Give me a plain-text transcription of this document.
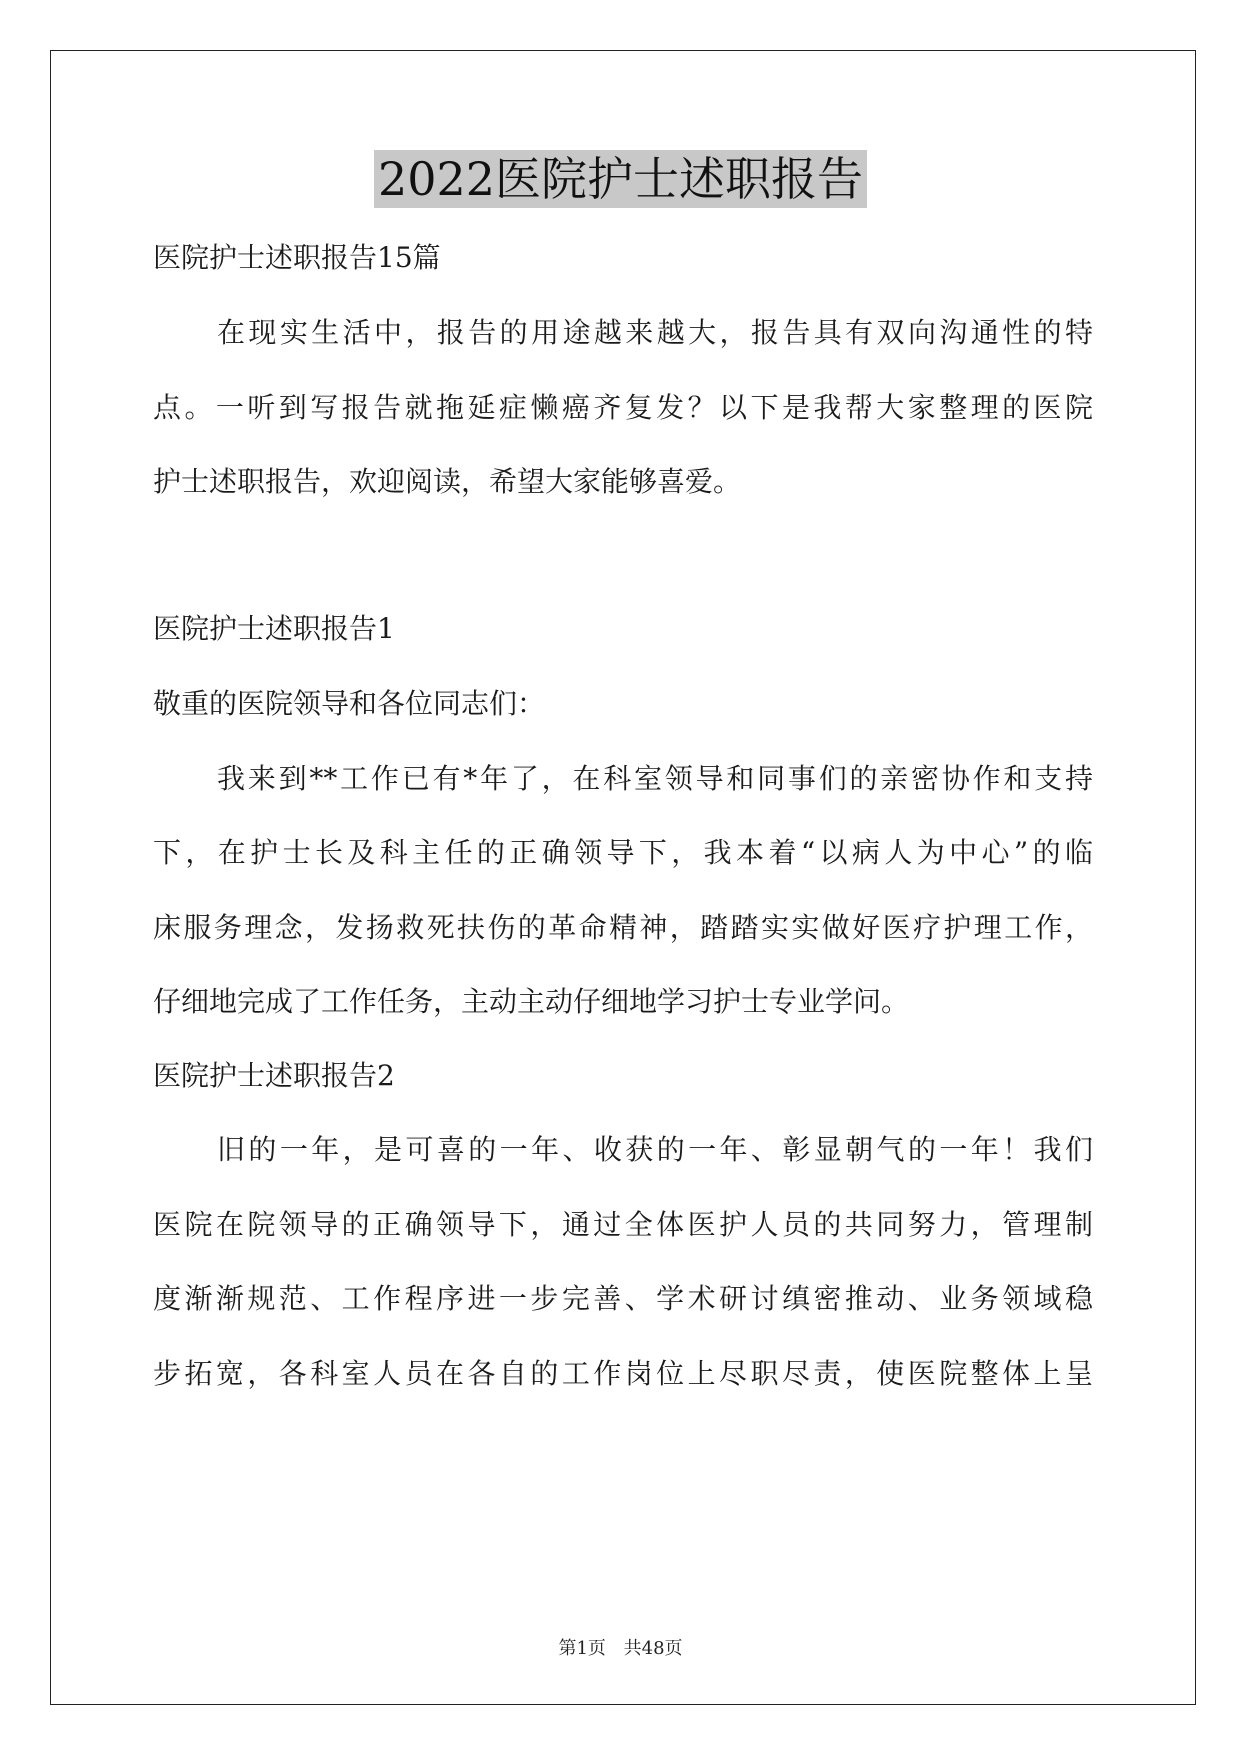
2022医院护士述职报告
医院护士述职报告15篇
在现实生活中，报告的用途越来越大，报告具有双向沟通性的特
点。一听到写报告就拖延症懒癌齐复发？以下是我帮大家整理的医院
护士述职报告，欢迎阅读，希望大家能够喜爱。
医院护士述职报告1
敬重的医院领导和各位同志们：
我来到**工作已有*年了，在科室领导和同事们的亲密协作和支持
下，在护士长及科主任的正确领导下，我本着“以病人为中心”的临
床服务理念，发扬救死扶伤的革命精神，踏踏实实做好医疗护理工作，
仔细地完成了工作任务，主动主动仔细地学习护士专业学问。
医院护士述职报告2
旧的一年，是可喜的一年、收获的一年、彰显朝气的一年！我们
医院在院领导的正确领导下，通过全体医护人员的共同努力，管理制
度渐渐规范、工作程序进一步完善、学术研讨缜密推动、业务领域稳
步拓宽，各科室人员在各自的工作岗位上尽职尽责，使医院整体上呈
第1页 共48页
